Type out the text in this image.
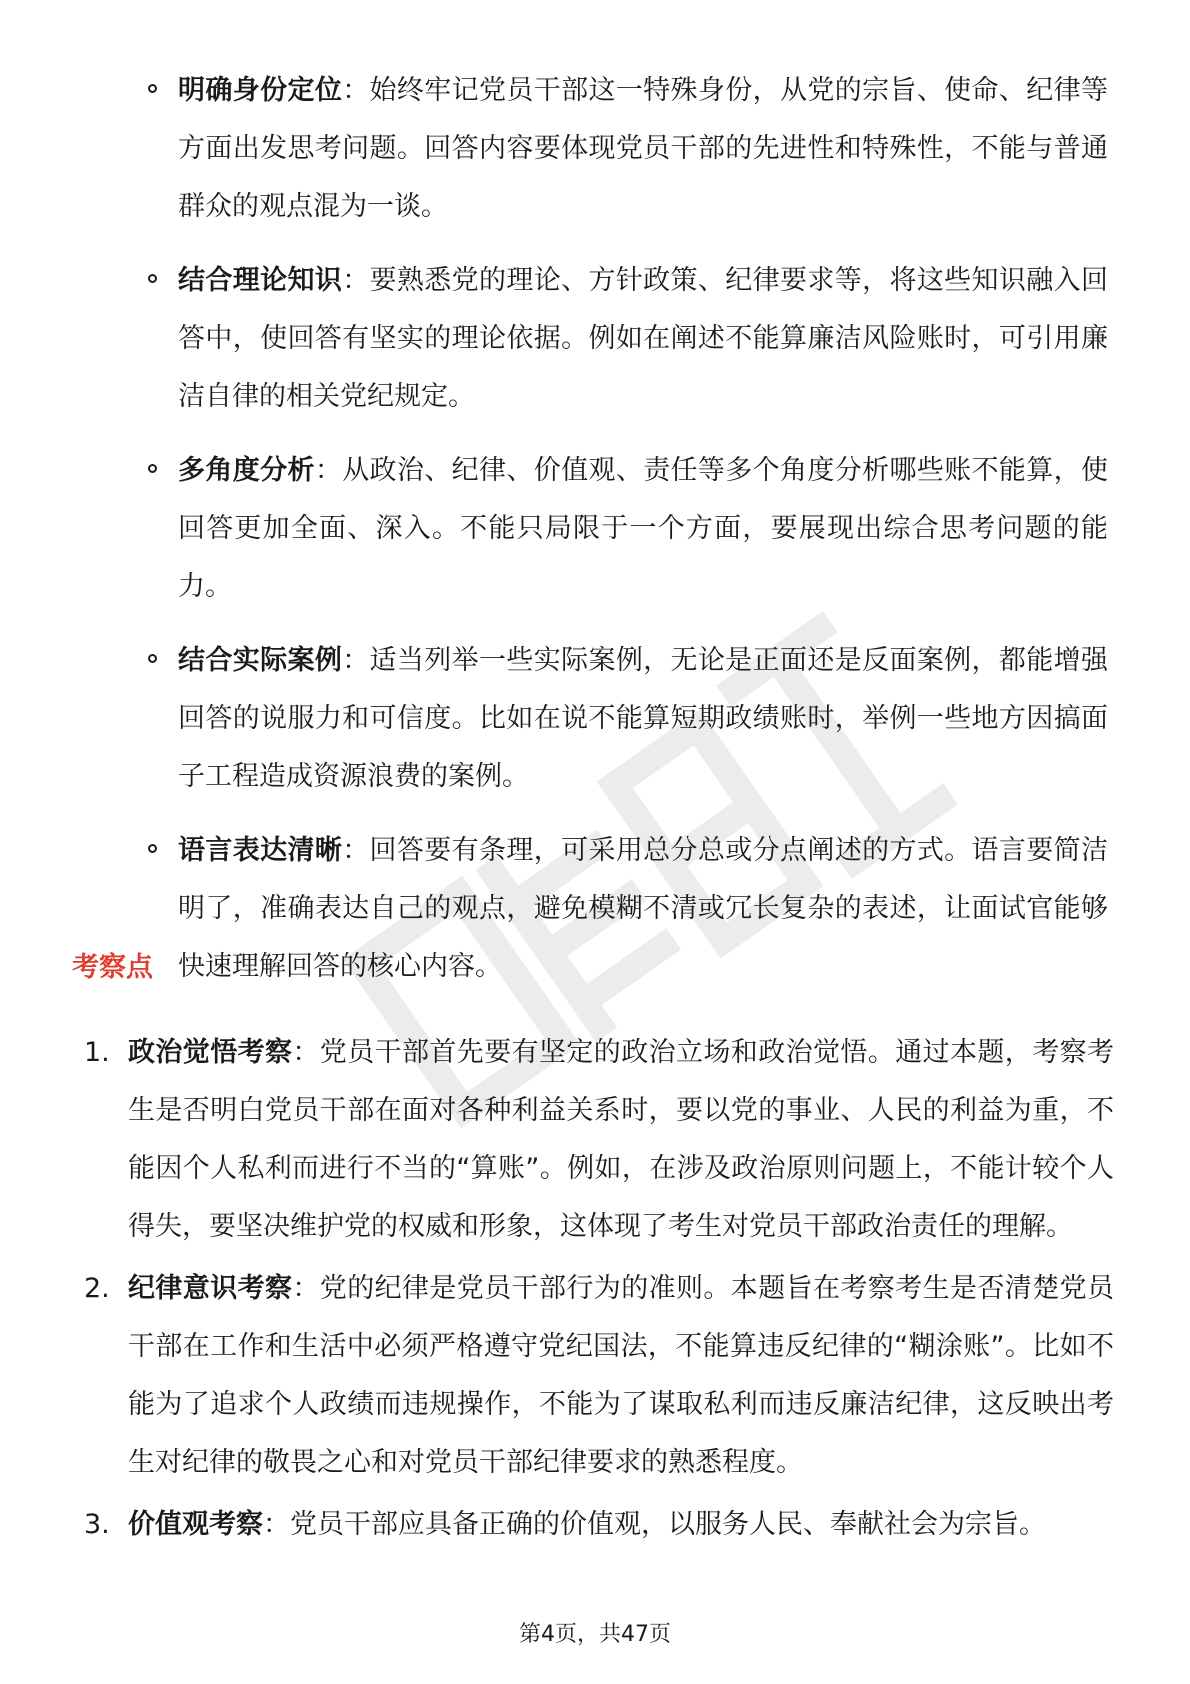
明确身份定位：始终牢记党员干部这一特殊身份，从党的宗旨、使命、纪律等方面出发思考问题。回答内容要体现党员干部的先进性和特殊性，不能与普通群众的观点混为一谈。
结合理论知识：要熟悉党的理论、方针政策、纪律要求等，将这些知识融入回答中，使回答有坚实的理论依据。例如在阐述不能算廉洁风险账时，可引用廉洁自律的相关党纪规定。
多角度分析：从政治、纪律、价值观、责任等多个角度分析哪些账不能算，使回答更加全面、深入。不能只局限于一个方面，要展现出综合思考问题的能力。
结合实际案例：适当列举一些实际案例，无论是正面还是反面案例，都能增强回答的说服力和可信度。比如在说不能算短期政绩账时，举例一些地方因搞面子工程造成资源浪费的案例。
语言表达清晰：回答要有条理，可采用总分总或分点阐述的方式。语言要简洁明了，准确表达自己的观点，避免模糊不清或冗长复杂的表述，让面试官能够快速理解回答的核心内容。
考察点
1. 政治觉悟考察：党员干部首先要有坚定的政治立场和政治觉悟。通过本题，考察考生是否明白党员干部在面对各种利益关系时，要以党的事业、人民的利益为重，不能因个人私利而进行不当的“算账”。例如，在涉及政治原则问题上，不能计较个人得失，要坚决维护党的权威和形象，这体现了考生对党员干部政治责任的理解。
2. 纪律意识考察：党的纪律是党员干部行为的准则。本题旨在考察考生是否清楚党员干部在工作和生活中必须严格遵守党纪国法，不能算违反纪律的“糊涂账”。比如不能为了追求个人政绩而违规操作，不能为了谋取私利而违反廉洁纪律，这反映出考生对纪律的敬畏之心和对党员干部纪律要求的熟悉程度。
3. 价值观考察：党员干部应具备正确的价值观，以服务人民、奉献社会为宗旨。
第4页，共47页
